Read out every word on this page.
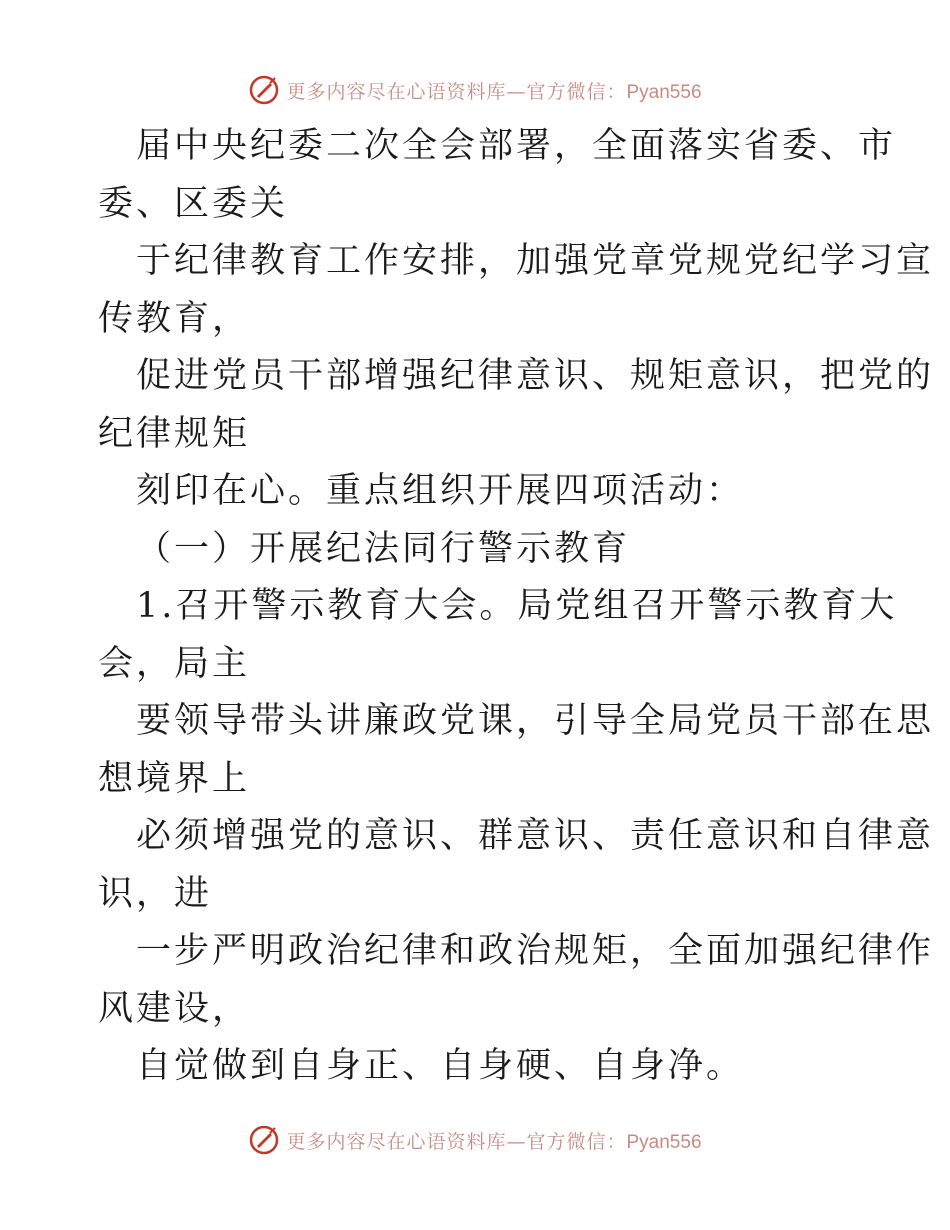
更多内容尽在心语资料库—官方微信：Pyan556
届中央纪委二次全会部署，全面落实省委、市
委、区委关
于纪律教育工作安排，加强党章党规党纪学习宣
传教育，
促进党员干部增强纪律意识、规矩意识，把党的
纪律规矩
刻印在心。重点组织开展四项活动：
（一）开展纪法同行警示教育
1.召开警示教育大会。局党组召开警示教育大
会，局主
要领导带头讲廉政党课，引导全局党员干部在思
想境界上
必须增强党的意识、群意识、责任意识和自律意
识，进
一步严明政治纪律和政治规矩，全面加强纪律作
风建设，
自觉做到自身正、自身硬、自身净。
更多内容尽在心语资料库—官方微信：Pyan556
